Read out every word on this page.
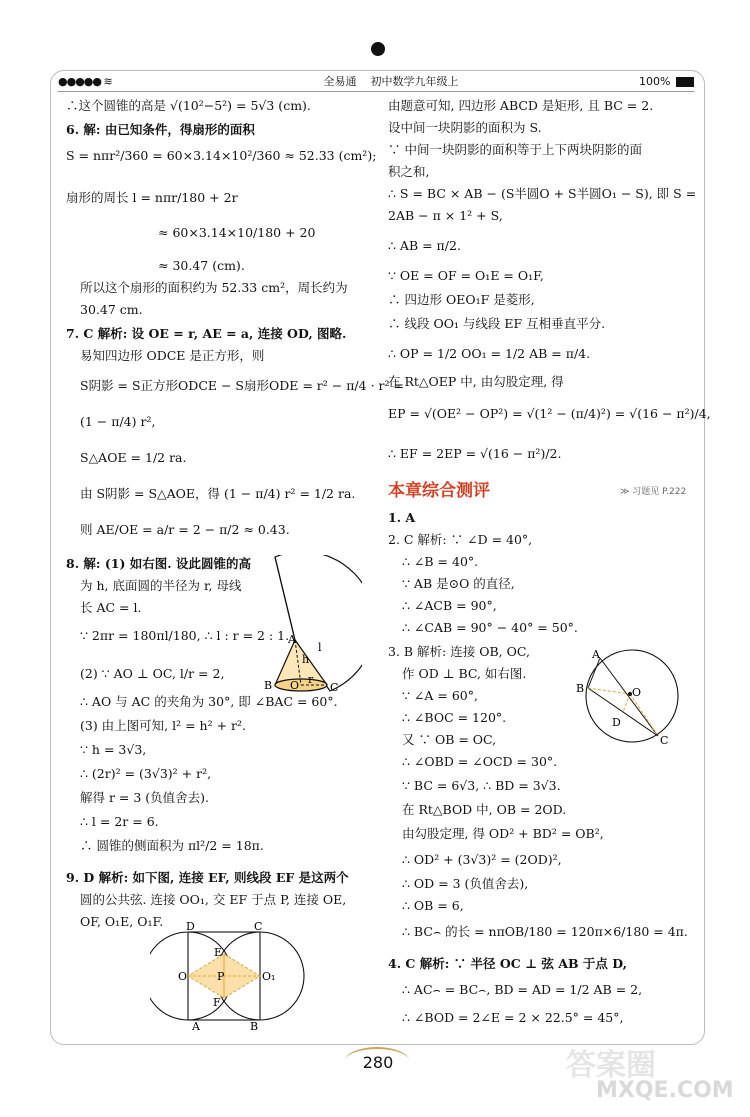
●●●●● ≋	全易通 初中数学九年级上	100%
∴这个圆锥的高是 √(10²−5²) = 5√3 (cm).
6. 解: 由已知条件，得扇形的面积
S = nπr²/360 = 60×3.14×10²/360 ≈ 52.33 (cm²);
扇形的周长 l = nπr/180 + 2r
≈ 60×3.14×10/180 + 20
≈ 30.47 (cm).
所以这个扇形的面积约为 52.33 cm²，周长约为
30.47 cm.
7. C 解析: 设 OE = r, AE = a, 连接 OD, 图略.
易知四边形 ODCE 是正方形，则
S阴影 = S正方形ODCE − S扇形ODE = r² − π/4 · r² =
(1 − π/4) r²,
S△AOE = 1/2 ra.
由 S阴影 = S△AOE，得 (1 − π/4) r² = 1/2 ra.
则 AE/OE = a/r = 2 − π/2 ≈ 0.43.
8. 解: (1) 如右图. 设此圆锥的高
为 h, 底面圆的半径为 r, 母线
长 AC = l.
∵ 2πr = 180πl/180, ∴ l : r = 2 : 1.
(2) ∵ AO ⊥ OC, l/r = 2,
∴ AO 与 AC 的夹角为 30°, 即 ∠BAC = 60°.
(3) 由上图可知, l² = h² + r².
∵ h = 3√3,
∴ (2r)² = (3√3)² + r²,
解得 r = 3 (负值舍去).
∴ l = 2r = 6.
∴ 圆锥的侧面积为 πl²/2 = 18π.
9. D 解析: 如下图, 连接 EF, 则线段 EF 是这两个
圆的公共弦. 连接 OO₁, 交 EF 于点 P, 连接 OE,
OF, O₁E, O₁F.
A
l
h
B O r
C
D	C
E
O	P	O₁
F
A	B
由题意可知, 四边形 ABCD 是矩形, 且 BC = 2.
设中间一块阴影的面积为 S.
∵ 中间一块阴影的面积等于上下两块阴影的面
积之和,
∴ S = BC × AB − (S半圆O + S半圆O₁ − S), 即 S =
2AB − π × 1² + S,
∴ AB = π/2.
∵ OE = OF = O₁E = O₁F,
∴ 四边形 OEO₁F 是菱形,
∴ 线段 OO₁ 与线段 EF 互相垂直平分.
∴ OP = 1/2 OO₁ = 1/2 AB = π/4.
在 Rt△OEP 中, 由勾股定理, 得
EP = √(OE² − OP²) = √(1² − (π/4)²) = √(16 − π²)/4,
∴ EF = 2EP = √(16 − π²)/2.
本章综合测评	≫ 习题见 P.222
1. A
2. C 解析: ∵ ∠D = 40°,
∴ ∠B = 40°.
∵ AB 是⊙O 的直径,
∴ ∠ACB = 90°,
∴ ∠CAB = 90° − 40° = 50°.
3. B 解析: 连接 OB, OC,
作 OD ⊥ BC, 如右图.
∵ ∠A = 60°,
∴ ∠BOC = 120°.
又 ∵ OB = OC,
∴ ∠OBD = ∠OCD = 30°.
∵ BC = 6√3, ∴ BD = 3√3.
在 Rt△BOD 中, OB = 2OD.
由勾股定理, 得 OD² + BD² = OB²,
∴ OD² + (3√3)² = (2OD)²,
∴ OD = 3 (负值舍去),
∴ OB = 6,
∴ BC⌢ 的长 = nπOB/180 = 120π×6/180 = 4π.
4. C 解析: ∵ 半径 OC ⊥ 弦 AB 于点 D,
∴ AC⌢ = BC⌢, BD = AD = 1/2 AB = 2,
∴ ∠BOD = 2∠E = 2 × 22.5° = 45°,
A
O
B
D
C
280	答案圈
MXQE.COM
